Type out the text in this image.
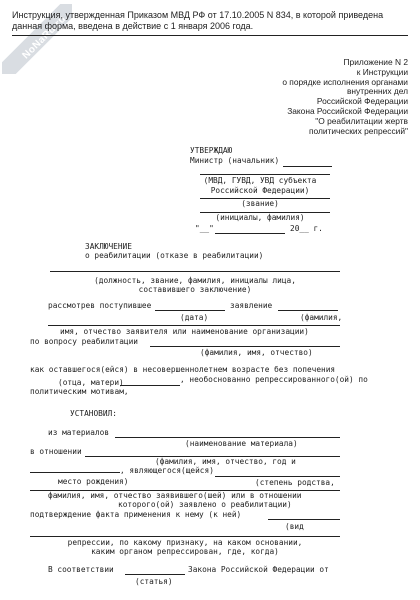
NoNaRu.ru
Инструкция, утвержденная Приказом МВД РФ от 17.10.2005 N 834, в которой приведена данная форма, введена в действие с 1 января 2006 года.
Приложение N 2
к Инструкции
о порядке исполнения органами
внутренних дел
Российской Федерации
Закона Российской Федерации
"О реабилитации жертв
политических репрессий"
УТВЕРЖДАЮ
Министр (начальник)
(МВД, ГУВД, УВД субъекта
Российской Федерации)
(звание)
(инициалы, фамилия)
"__"	20__ г.
ЗАКЛЮЧЕНИЕ
о реабилитации (отказе в реабилитации)
(должность, звание, фамилия, инициалы лица,
составившего заключение)
рассмотрев поступившее	заявление
(дата)	(фамилия,
имя, отчество заявителя или наименование организации)
по вопросу реабилитации
(фамилия, имя, отчество)
как оставшегося(ейся) в несовершеннолетнем возрасте без попечения
(отца, матери)	, необоснованно репрессированного(ой) по
политическим мотивам,
УСТАНОВИЛ:
из материалов
(наименование материала)
в отношении
(фамилия, имя, отчество, год и
, являющегося(щейся)
место рождения)	(степень родства,
фамилия, имя, отчество заявившего(шей) или в отношении
которого(ой) заявлено о реабилитации)
подтверждение факта применения к нему (к ней)
(вид
репрессии, по какому признаку, на каком основании,
каким органом репрессирован, где, когда)
В соответствии	Закона Российской Федерации от
(статья)
